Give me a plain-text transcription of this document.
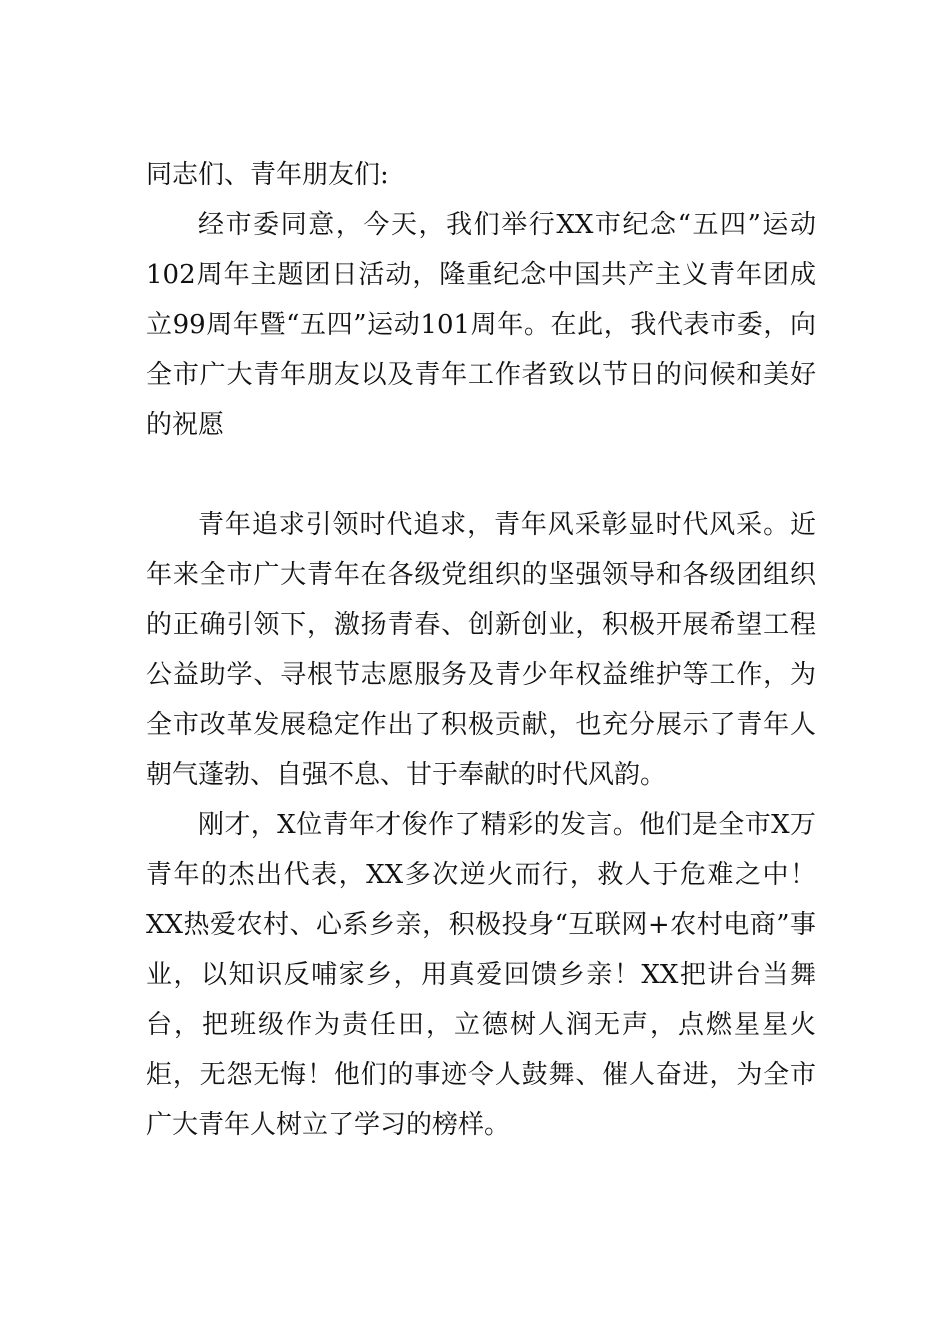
同志们、青年朋友们:

经市委同意，今天，我们举行XX市纪念“五四”运动102周年主题团日活动，隆重纪念中国共产主义青年团成立99周年暨“五四”运动101周年。在此，我代表市委，向全市广大青年朋友以及青年工作者致以节日的问候和美好的祝愿

青年追求引领时代追求，青年风采彰显时代风采。近年来全市广大青年在各级党组织的坚强领导和各级团组织的正确引领下，激扬青春、创新创业，积极开展希望工程公益助学、寻根节志愿服务及青少年权益维护等工作，为全市改革发展稳定作出了积极贡献，也充分展示了青年人朝气蓬勃、自强不息、甘于奉献的时代风韵。

刚才，X位青年才俊作了精彩的发言。他们是全市X万青年的杰出代表，XX多次逆火而行，救人于危难之中！XX热爱农村、心系乡亲，积极投身“互联网+农村电商”事业，以知识反哺家乡，用真爱回馈乡亲！XX把讲台当舞台，把班级作为责任田，立德树人润无声，点燃星星火炬，无怨无悔！他们的事迹令人鼓舞、催人奋进，为全市广大青年人树立了学习的榜样。
